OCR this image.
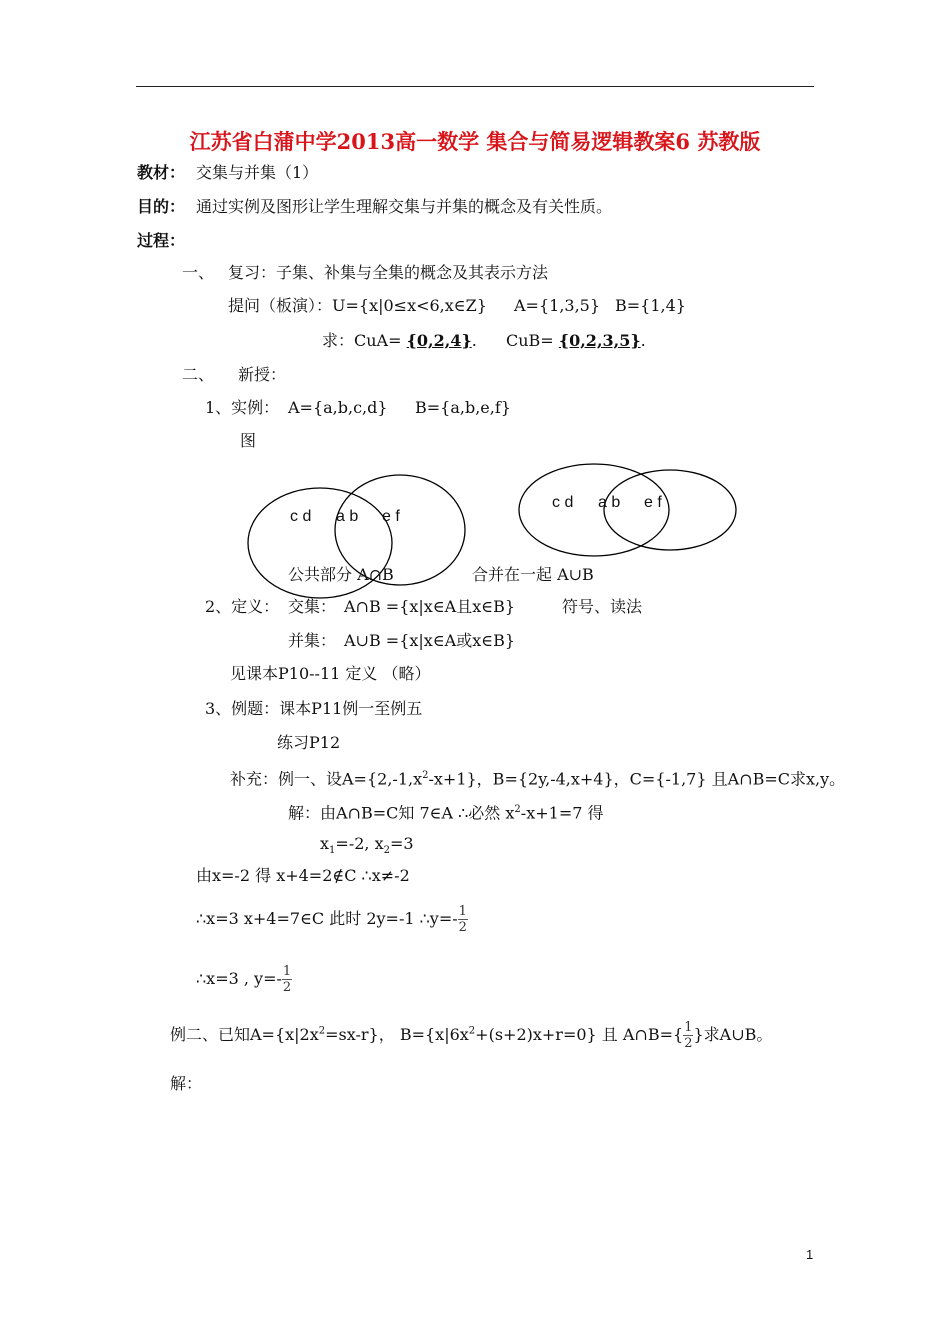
江苏省白蒲中学2013高一数学 集合与简易逻辑教案6 苏教版
教材： 交集与并集（1）
目的： 通过实例及图形让学生理解交集与并集的概念及有关性质。
过程：
一、 复习：子集、补集与全集的概念及其表示方法
提问（板演）：U={x|0≤x<6,x∈Z} A={1,3,5} B={1,4}
求：CuA= {0,2,4}. CuB= {0,2,3,5}.
二、 新授：
1、实例： A={a,b,c,d} B={a,b,e,f}
图
c d a b e f
c d a b e f
公共部分 A∩B	合并在一起 A∪B
2、定义： 交集： A∩B ={x|x∈A且x∈B}	符号、读法
并集： A∪B ={x|x∈A或x∈B}
见课本P10--11 定义 （略）
3、例题：课本P11例一至例五
练习P12
补充：例一、设$A=\{2,-1,x^2-x+1\}$，B={2y,-4,x+4}，C={-1,7} 且A∩B=C求x,y。
解：由A∩B=C知 7∈A ∴必然 $x^2-x+1=7$ 得
$x_1=-2$, $x_2=3$
由x=-2 得 x+4=2∉C ∴x≠-2
∴x=3 x+4=7∈C 此时 2y=-1 ∴y=- $\frac{1}{2}$
∴x=3 , $y=- \frac{1}{2}$
例二、已知$A=\{x|2x^2=sx-r\}$， $B=\{x|6x^2+(s+2)x+r=0\}$ 且 A∩B={ $\frac{1}{2}$ }求A∪B。
解：
1
